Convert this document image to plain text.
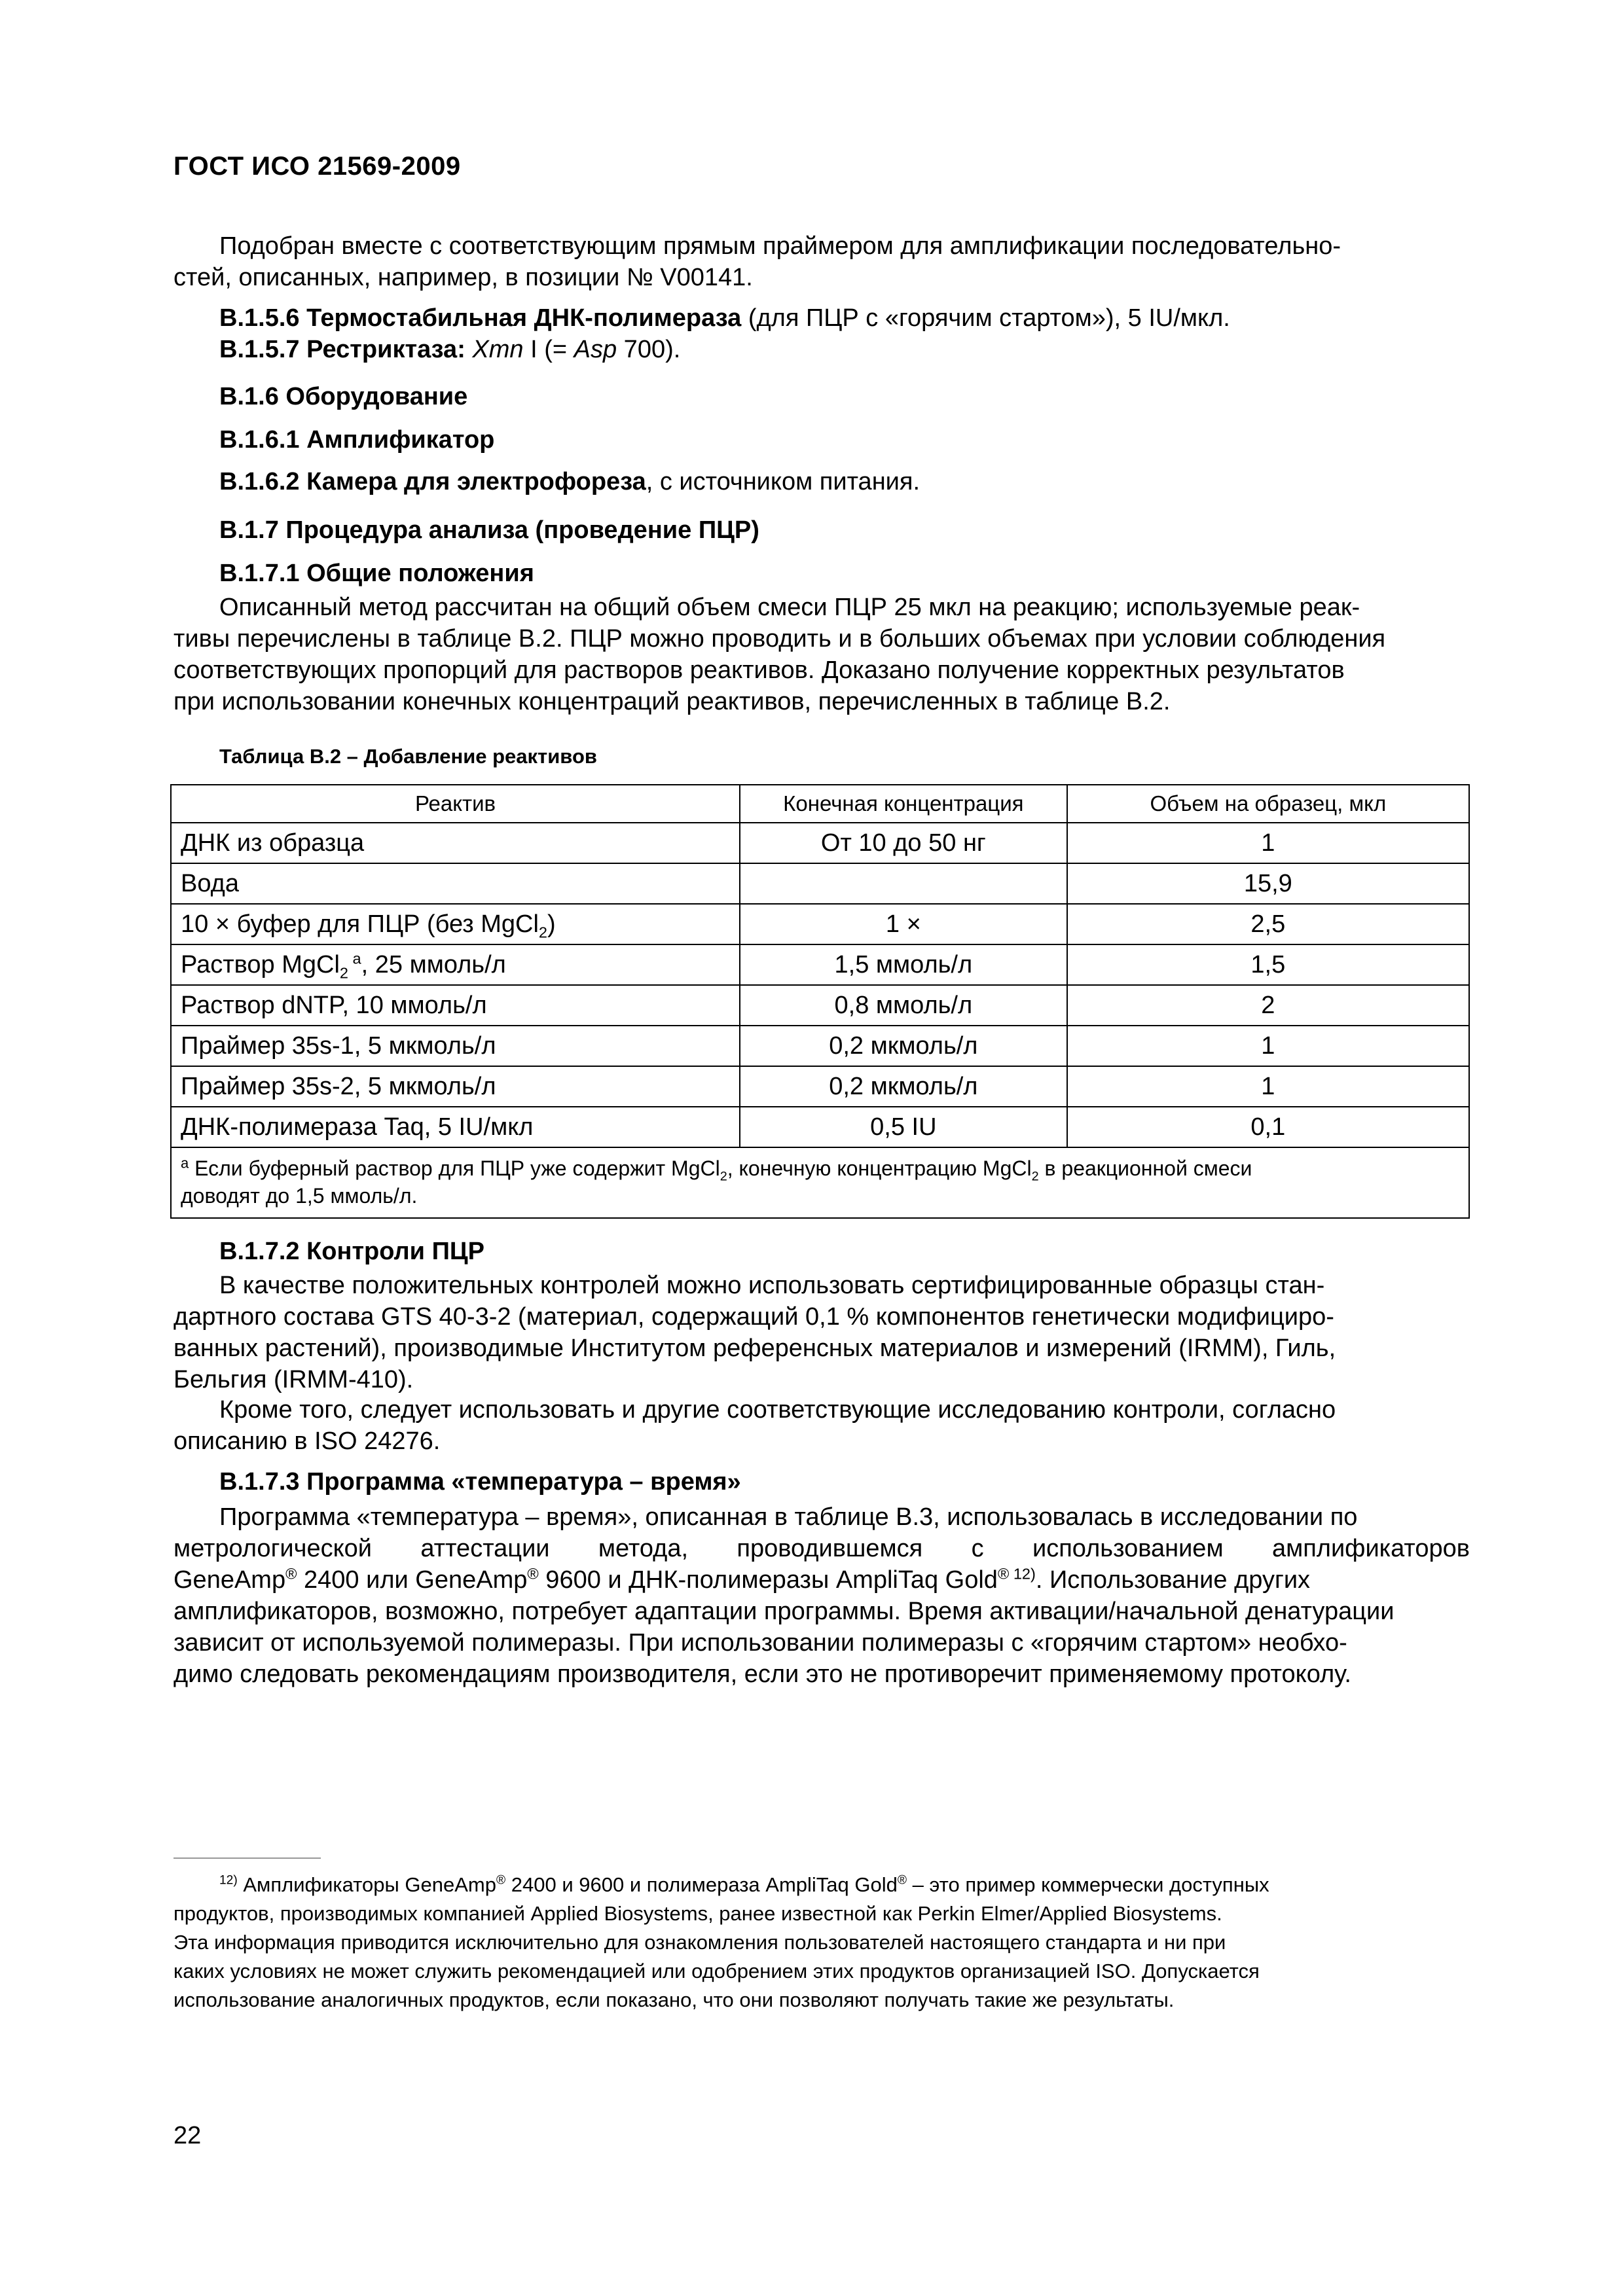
ГОСТ ИСО 21569-2009
Подобран вместе с соответствующим прямым праймером для амплификации последовательно-
стей, описанных, например, в позиции № V00141.
B.1.5.6 Термостабильная ДНК-полимераза (для ПЦР с «горячим стартом»), 5 IU/мкл.
B.1.5.7 Рестриктаза: Xmn I (= Asp 700).
B.1.6 Оборудование
B.1.6.1 Амплификатор
B.1.6.2 Камера для электрофореза, с источником питания.
B.1.7 Процедура анализа (проведение ПЦР)
B.1.7.1 Общие положения
Описанный метод рассчитан на общий объем смеси ПЦР 25 мкл на реакцию; используемые реак-
тивы перечислены в таблице B.2. ПЦР можно проводить и в больших объемах при условии соблюдения
соответствующих пропорций для растворов реактивов. Доказано получение корректных результатов
при использовании конечных концентраций реактивов, перечисленных в таблице B.2.
Таблица B.2 – Добавление реактивов
Реактив	Конечная концентрация	Объем на образец, мкл
ДНК из образца	От 10 до 50 нг	1
Вода		15,9
10 × буфер для ПЦР (без MgCl$_2$)	1 ×	2,5
Раствор MgCl$_2$ $^a$, 25 ммоль/л	1,5 ммоль/л	1,5
Раствор dNTP, 10 ммоль/л	0,8 ммоль/л	2
Праймер 35s-1, 5 мкмоль/л	0,2 мкмоль/л	1
Праймер 35s-2, 5 мкмоль/л	0,2 мкмоль/л	1
ДНК-полимераза Taq, 5 IU/мкл	0,5 IU	0,1

$^a$ Если буферный раствор для ПЦР уже содержит MgCl$_2$, конечную концентрацию MgCl$_2$ в реакционной смеси
доводят до 1,5 ммоль/л.		
B.1.7.2 Контроли ПЦР
В качестве положительных контролей можно использовать сертифицированные образцы стан-
дартного состава GTS 40-3-2 (материал, содержащий 0,1 % компонентов генетически модифициро-
ванных растений), производимые Институтом референсных материалов и измерений (IRMM), Гиль,
Бельгия (IRMM-410).
Кроме того, следует использовать и другие соответствующие исследованию контроли, согласно
описанию в ISO 24276.
B.1.7.3 Программа «температура – время»
Программа «температура – время», описанная в таблице B.3, использовалась в исследовании по
метрологической аттестации метода, проводившемся с использованием амплификаторов
GeneAmp® 2400 или GeneAmp® 9600 и ДНК-полимеразы AmpliTaq Gold® $^{12)}$. Использование других
амплификаторов, возможно, потребует адаптации программы. Время активации/начальной денатурации
зависит от используемой полимеразы. При использовании полимеразы с «горячим стартом» необхо-
димо следовать рекомендациям производителя, если это не противоречит применяемому протоколу.
$^{12)}$ Амплификаторы GeneAmp® 2400 и 9600 и полимераза AmpliTaq Gold® – это пример коммерчески доступных
продуктов, производимых компанией Applied Biosystems, ранее известной как Perkin Elmer/Applied Biosystems.
Эта информация приводится исключительно для ознакомления пользователей настоящего стандарта и ни при
каких условиях не может служить рекомендацией или одобрением этих продуктов организацией ISO. Допускается
использование аналогичных продуктов, если показано, что они позволяют получать такие же результаты.
22
